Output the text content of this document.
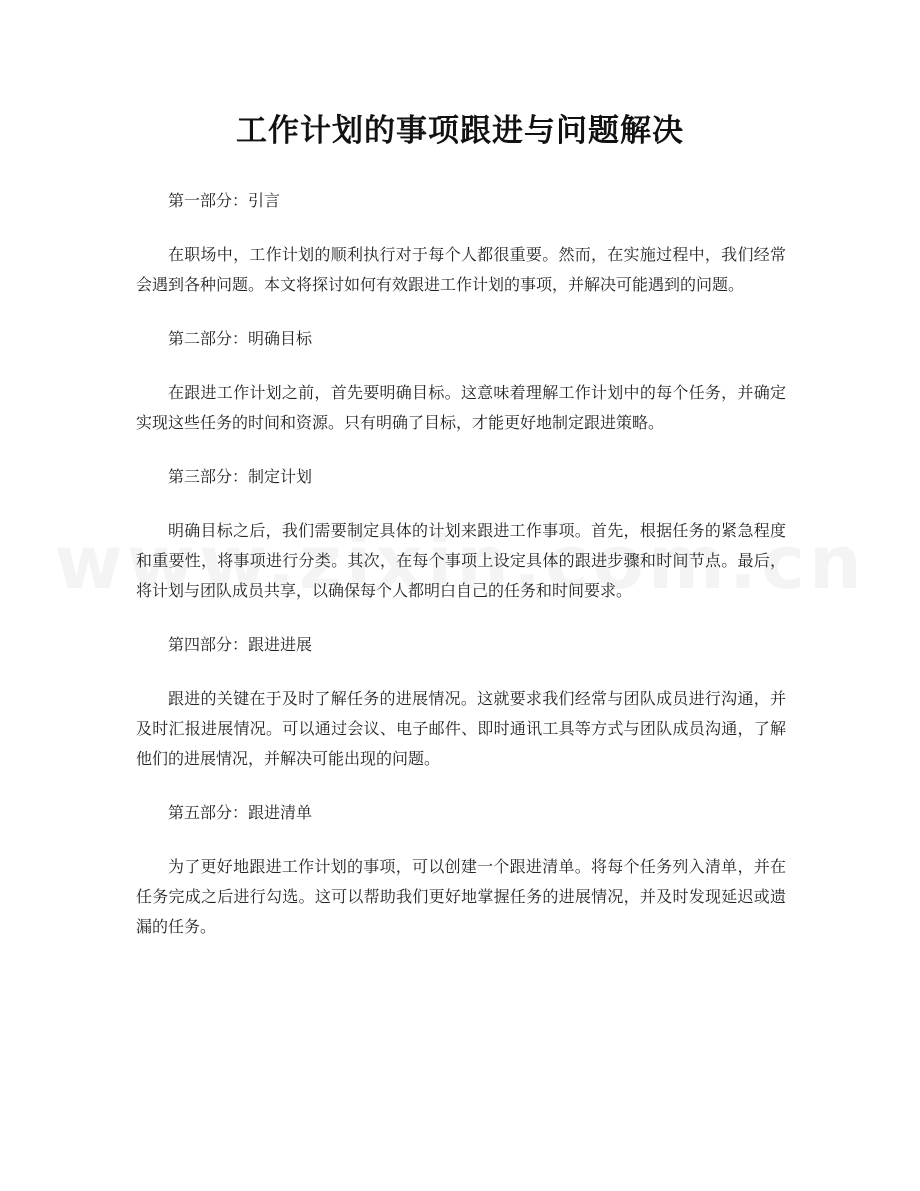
工作计划的事项跟进与问题解决

第一部分：引言

在职场中，工作计划的顺利执行对于每个人都很重要。然而，在实施过程中，我们经常会遇到各种问题。本文将探讨如何有效跟进工作计划的事项，并解决可能遇到的问题。

第二部分：明确目标

在跟进工作计划之前，首先要明确目标。这意味着理解工作计划中的每个任务，并确定实现这些任务的时间和资源。只有明确了目标，才能更好地制定跟进策略。

第三部分：制定计划

明确目标之后，我们需要制定具体的计划来跟进工作事项。首先，根据任务的紧急程度和重要性，将事项进行分类。其次，在每个事项上设定具体的跟进步骤和时间节点。最后，将计划与团队成员共享，以确保每个人都明白自己的任务和时间要求。

第四部分：跟进进展

跟进的关键在于及时了解任务的进展情况。这就要求我们经常与团队成员进行沟通，并及时汇报进展情况。可以通过会议、电子邮件、即时通讯工具等方式与团队成员沟通，了解他们的进展情况，并解决可能出现的问题。

第五部分：跟进清单

为了更好地跟进工作计划的事项，可以创建一个跟进清单。将每个任务列入清单，并在任务完成之后进行勾选。这可以帮助我们更好地掌握任务的进展情况，并及时发现延迟或遗漏的任务。
